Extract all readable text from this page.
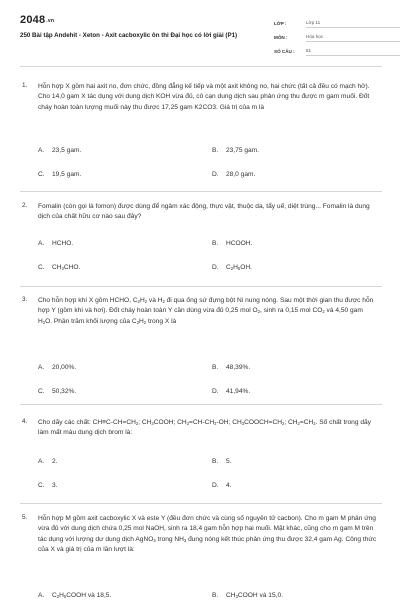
2048.vn
250 Bài tập Andehit - Xeton - Axit cacboxylic ôn thi Đại học có lời giải (P1)
LỚP :	Lớp 11
MÔN :	Hóa học
SỐ CÂU :	51
1. Hỗn hợp X gồm hai axit no, đơn chức, đồng đẳng kế tiếp và một axit không no, hai chức (tất cả đều có mạch hở). Cho 14,0 gam X tác dụng với dung dịch KOH vừa đủ, cô cạn dung dịch sau phản ứng thu được m gam muối. Đốt cháy hoàn toàn lượng muối này thu được 17,25 gam K2CO3. Giá trị của m là
A. 23,5 gam.	B. 23,75 gam.
C. 19,5 gam.	D. 28,0 gam.
2. Fomalin (còn gọi là fomon) được dùng để ngâm xác động, thực vật, thuộc da, tẩy uế, diệt trùng... Fomalin là dung dịch của chất hữu cơ nào sau đây?
A. HCHO.	B. HCOOH.
C. $CH_3CHO$.	D. $C_2H_5OH$.
3. Cho hỗn hợp khí X gồm HCHO, $C_2H_2$ và $H_2$ đi qua ống sứ đựng bột Ni nung nóng. Sau một thời gian thu được hỗn hợp Y (gồm khí và hơi). Đốt cháy hoàn toàn Y cần dùng vừa đủ 0,25 mol $O_2$, sinh ra 0,15 mol $CO_2$ và 4,50 gam $H_2O$. Phần trăm khối lượng của $C_2H_2$ trong X là
A. 20,00%.	B. 48,39%.
C. 50,32%.	D. 41,94%.
4. Cho dãy các chất: $CH\equiv C-CH=CH_2$; $CH_3COOH$; $CH_2=CH-CH_2-OH$; $CH_3COOCH=CH_2$; $CH_2=CH_2$. Số chất trong dãy làm mất màu dung dịch brom là:
A. 2.	B. 5.
C. 3.	D. 4.
5. Hỗn hợp M gồm axit cacboxylic X và este Y (đều đơn chức và cùng số nguyên tử cacbon). Cho m gam M phản ứng vừa đủ với dung dịch chứa 0,25 mol NaOH, sinh ra 18,4 gam hỗn hợp hai muối. Mặt khác, cũng cho m gam M trên tác dụng với lượng dư dung dịch AgNO$_3$ trong $NH_3$ đung nóng kết thúc phản ứng thu được 32,4 gam Ag. Công thức của X và giá trị của m lần lượt là:
A. $C_2H_5COOH$ và 18,5.	B. $CH_3COOH$ và 15,0.
